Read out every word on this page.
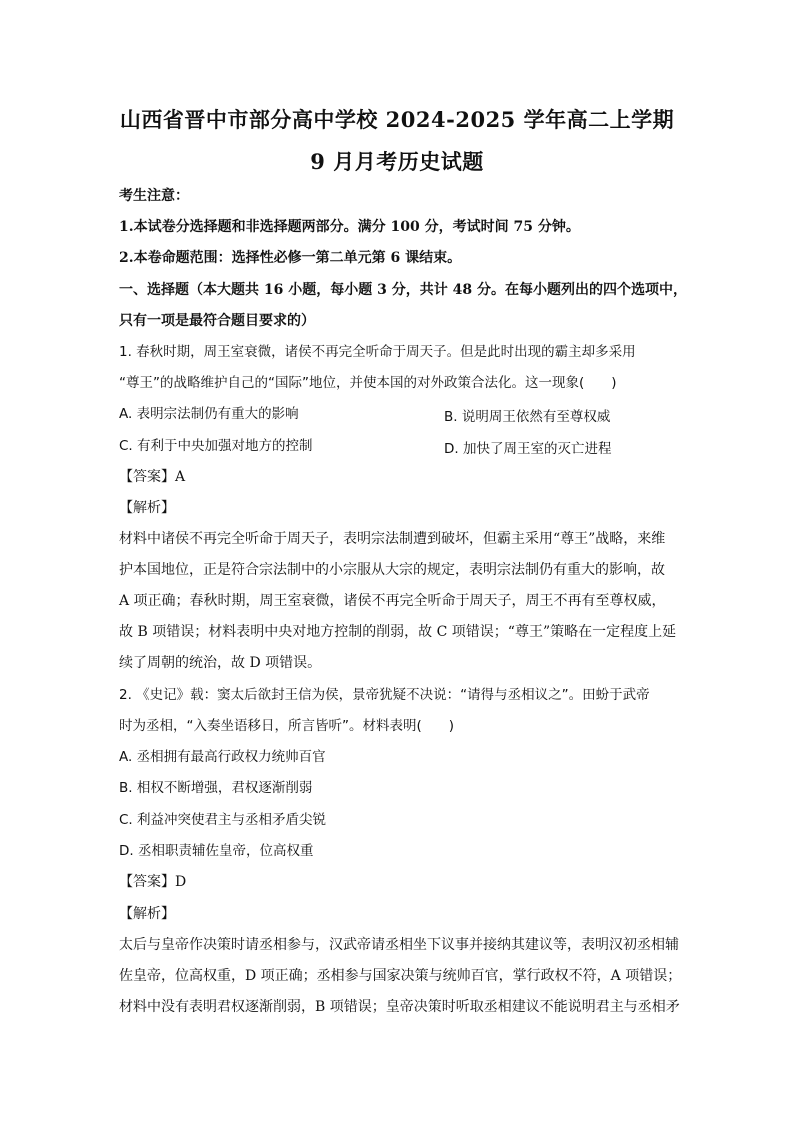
山西省晋中市部分高中学校 2024-2025 学年高二上学期
9 月月考历史试题
考生注意：
1.本试卷分选择题和非选择题两部分。满分 100 分，考试时间 75 分钟。
2.本卷命题范围：选择性必修一第二单元第 6 课结束。
一、选择题（本大题共 16 小题，每小题 3 分，共计 48 分。在每小题列出的四个选项中，
只有一项是最符合题目要求的）
1. 春秋时期，周王室衰微，诸侯不再完全听命于周天子。但是此时出现的霸主却多采用
“尊王”的战略维护自己的“国际”地位，并使本国的对外政策合法化。这一现象(　　)
A. 表明宗法制仍有重大的影响	B. 说明周王依然有至尊权威
C. 有利于中央加强对地方的控制	D. 加快了周王室的灭亡进程
【答案】A
【解析】
材料中诸侯不再完全听命于周天子，表明宗法制遭到破坏，但霸主采用“尊王”战略，来维
护本国地位，正是符合宗法制中的小宗服从大宗的规定，表明宗法制仍有重大的影响，故
A 项正确；春秋时期，周王室衰微，诸侯不再完全听命于周天子，周王不再有至尊权威，
故 B 项错误；材料表明中央对地方控制的削弱，故 C 项错误；“尊王”策略在一定程度上延
续了周朝的统治，故 D 项错误。
2. 《史记》载：窦太后欲封王信为侯，景帝犹疑不决说：“请得与丞相议之”。田蚡于武帝
时为丞相，“入奏坐语移日，所言皆听”。材料表明(　　)
A. 丞相拥有最高行政权力统帅百官
B. 相权不断增强，君权逐渐削弱
C. 利益冲突使君主与丞相矛盾尖锐
D. 丞相职责辅佐皇帝，位高权重
【答案】D
【解析】
太后与皇帝作决策时请丞相参与，汉武帝请丞相坐下议事并接纳其建议等，表明汉初丞相辅
佐皇帝，位高权重，D 项正确；丞相参与国家决策与统帅百官，掌行政权不符，A 项错误；
材料中没有表明君权逐渐削弱，B 项错误；皇帝决策时听取丞相建议不能说明君主与丞相矛
